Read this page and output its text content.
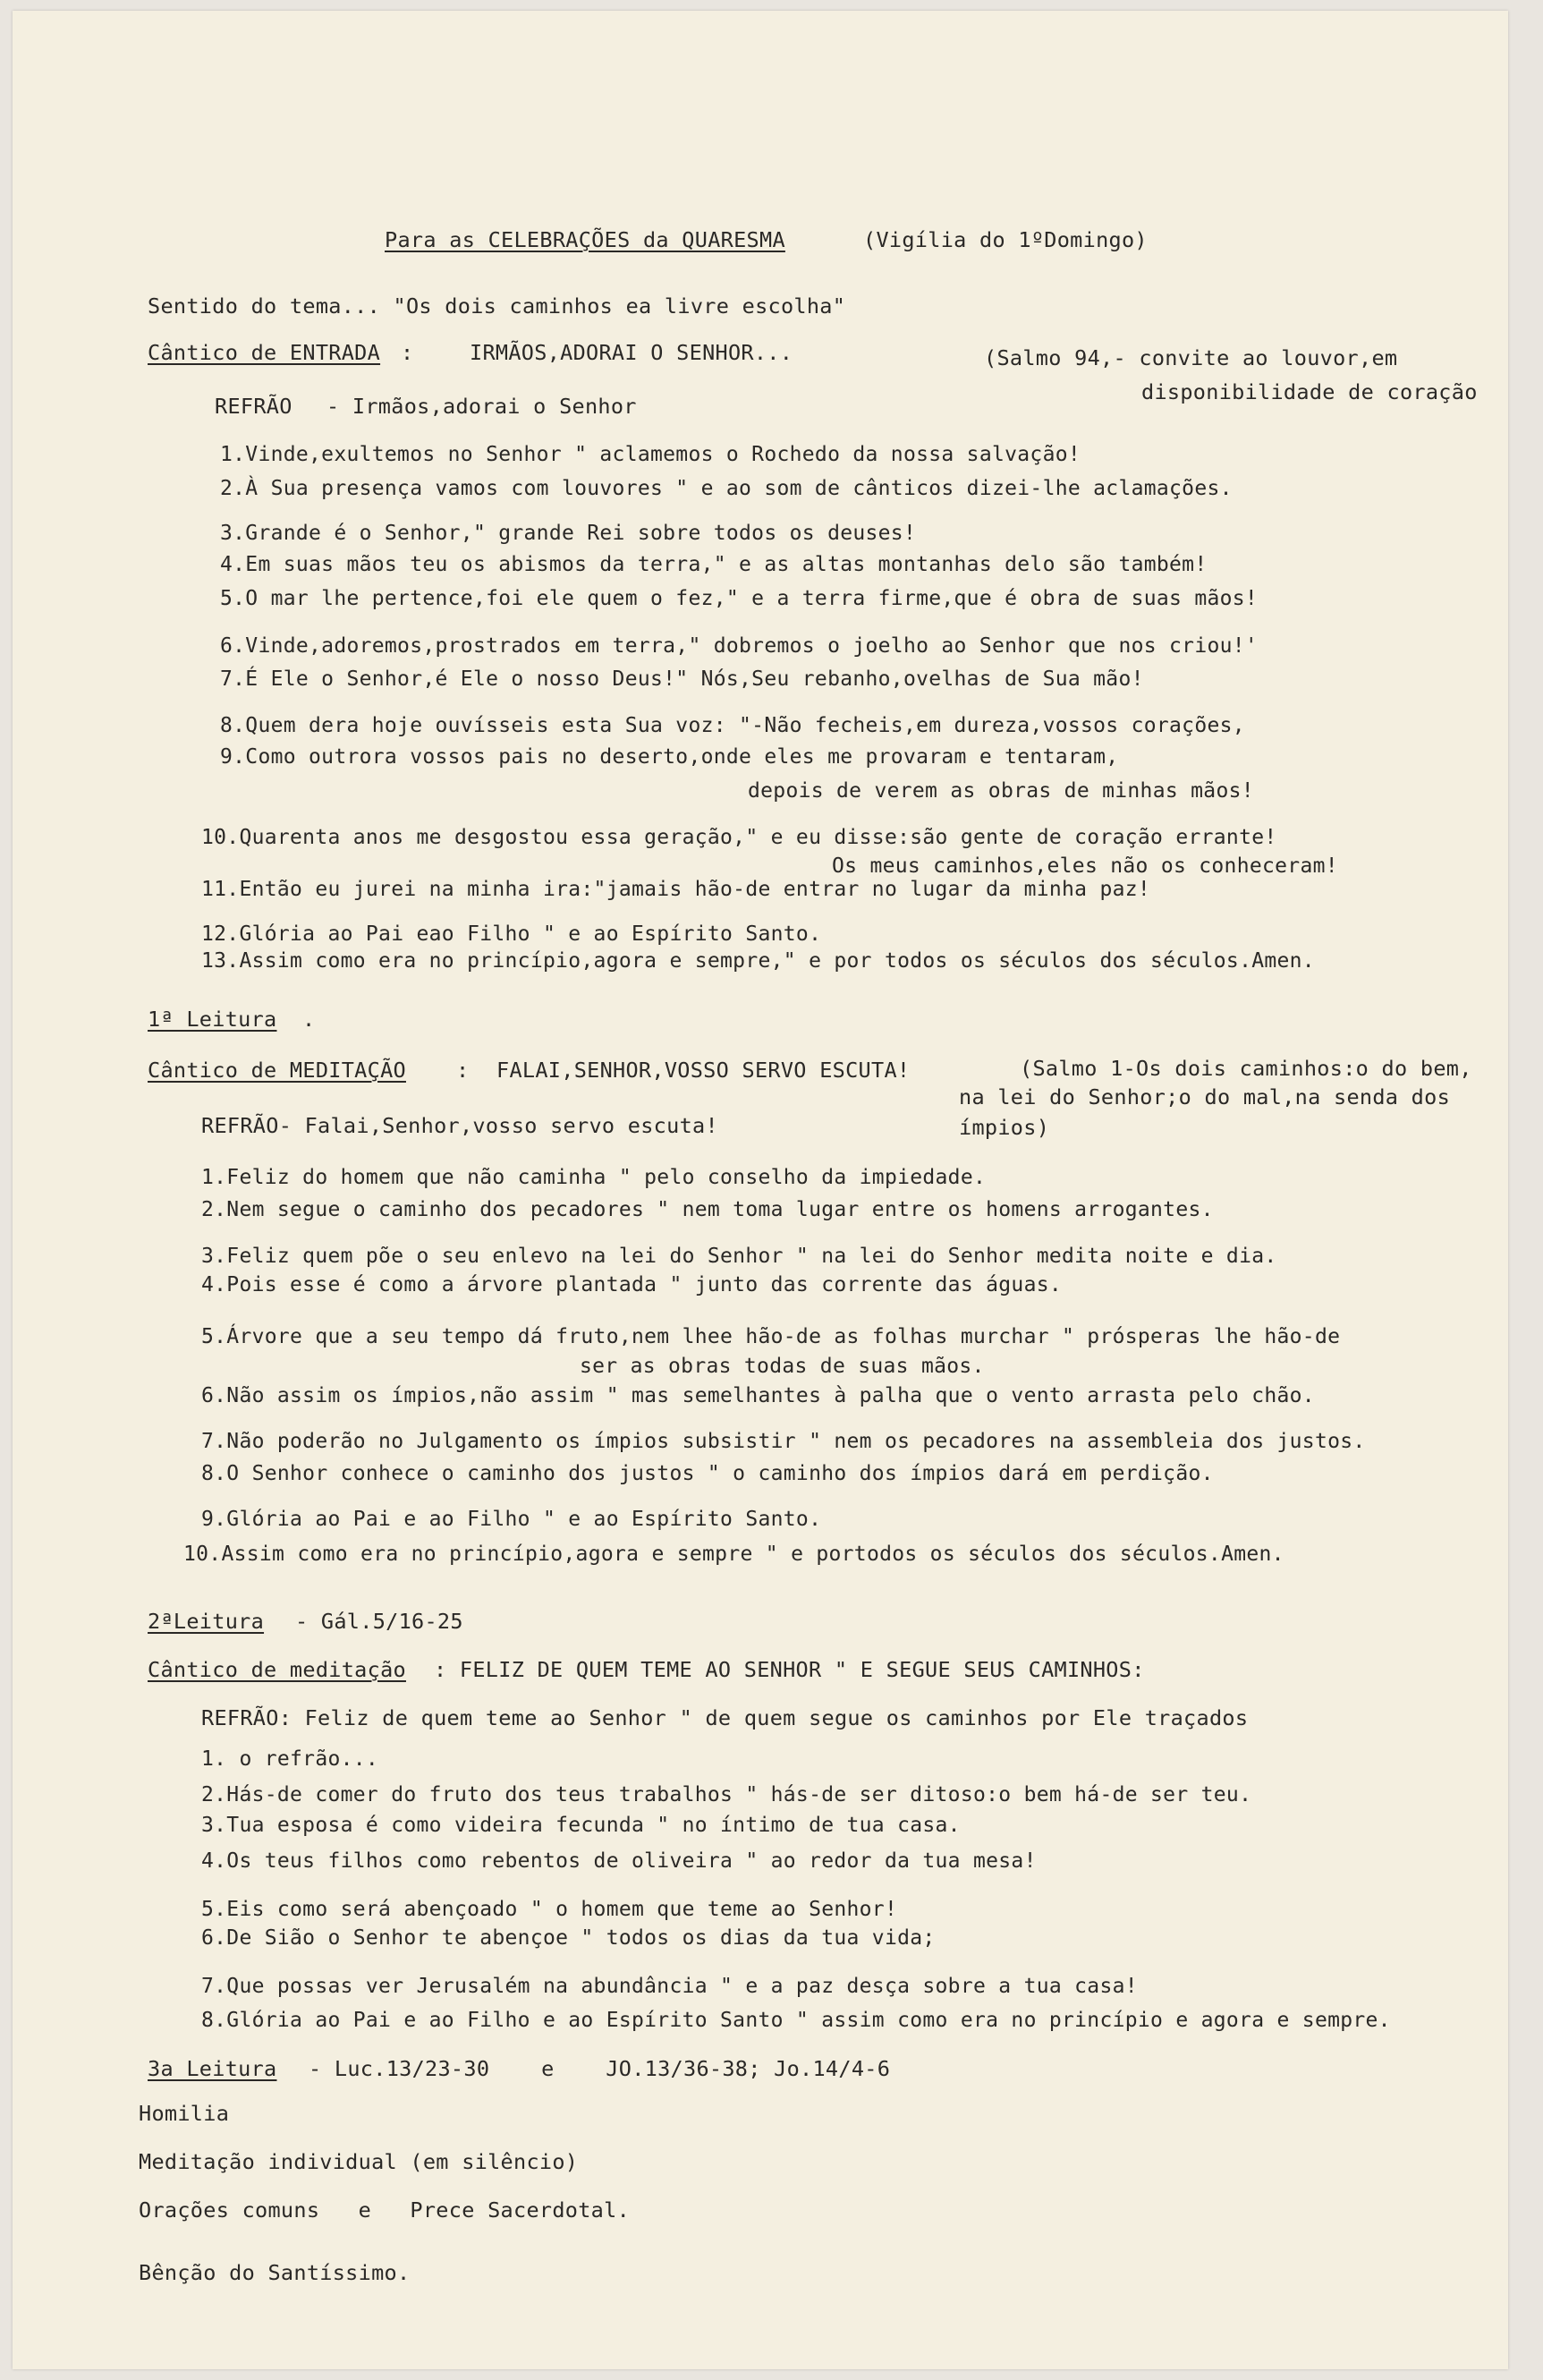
Para as CELEBRAÇÕES da QUARESMA	(Vigília do 1ºDomingo)
Sentido do tema... "Os dois caminhos ea livre escolha"
Cântico de ENTRADA :	IRMÃOS,ADORAI O SENHOR...	(Salmo 94,- convite ao louvor,em
disponibilidade de coração
REFRÃO - Irmãos,adorai o Senhor
1.Vinde,exultemos no Senhor " aclamemos o Rochedo da nossa salvação!
2.À Sua presença vamos com louvores " e ao som de cânticos dizei-lhe aclamações.
3.Grande é o Senhor," grande Rei sobre todos os deuses!
4.Em suas mãos teu os abismos da terra," e as altas montanhas delo são também!
5.O mar lhe pertence,foi ele quem o fez," e a terra firme,que é obra de suas mãos!
6.Vinde,adoremos,prostrados em terra," dobremos o joelho ao Senhor que nos criou!'
7.É Ele o Senhor,é Ele o nosso Deus!" Nós,Seu rebanho,ovelhas de Sua mão!
8.Quem dera hoje ouvísseis esta Sua voz: "-Não fecheis,em dureza,vossos corações,
9.Como outrora vossos pais no deserto,onde eles me provaram e tentaram,
depois de verem as obras de minhas mãos!
10.Quarenta anos me desgostou essa geração," e eu disse:são gente de coração errante!
Os meus caminhos,eles não os conheceram!
11.Então eu jurei na minha ira:"jamais hão-de entrar no lugar da minha paz!
12.Glória ao Pai eao Filho " e ao Espírito Santo.
13.Assim como era no princípio,agora e sempre," e por todos os séculos dos séculos.Amen.
1ª Leitura .
Cântico de MEDITAÇÃO : FALAI,SENHOR,VOSSO SERVO ESCUTA!	(Salmo 1-Os dois caminhos:o do bem,
na lei do Senhor;o do mal,na senda dos
ímpios)
REFRÃO- Falai,Senhor,vosso servo escuta!
1.Feliz do homem que não caminha " pelo conselho da impiedade.
2.Nem segue o caminho dos pecadores " nem toma lugar entre os homens arrogantes.
3.Feliz quem põe o seu enlevo na lei do Senhor " na lei do Senhor medita noite e dia.
4.Pois esse é como a árvore plantada " junto das corrente das águas.
5.Árvore que a seu tempo dá fruto,nem lhee hão-de as folhas murchar " prósperas lhe hão-de
ser as obras todas de suas mãos.
6.Não assim os ímpios,não assim " mas semelhantes à palha que o vento arrasta pelo chão.
7.Não poderão no Julgamento os ímpios subsistir " nem os pecadores na assembleia dos justos.
8.O Senhor conhece o caminho dos justos " o caminho dos ímpios dará em perdição.
9.Glória ao Pai e ao Filho " e ao Espírito Santo.
10.Assim como era no princípio,agora e sempre " e portodos os séculos dos séculos.Amen.
2ªLeitura - Gál.5/16-25
Cântico de meditação : FELIZ DE QUEM TEME AO SENHOR " E SEGUE SEUS CAMINHOS:
REFRÃO: Feliz de quem teme ao Senhor " de quem segue os caminhos por Ele traçados
1. o refrão...
2.Hás-de comer do fruto dos teus trabalhos " hás-de ser ditoso:o bem há-de ser teu.
3.Tua esposa é como videira fecunda " no íntimo de tua casa.
4.Os teus filhos como rebentos de oliveira " ao redor da tua mesa!
5.Eis como será abençoado " o homem que teme ao Senhor!
6.De Sião o Senhor te abençoe " todos os dias da tua vida;
7.Que possas ver Jerusalém na abundância " e a paz desça sobre a tua casa!
8.Glória ao Pai e ao Filho e ao Espírito Santo " assim como era no princípio e agora e sempre.
3a Leitura - Luc.13/23-30    e    JO.13/36-38; Jo.14/4-6
Homilia
Meditação individual (em silêncio)
Orações comuns   e   Prece Sacerdotal.
Bênção do Santíssimo.
